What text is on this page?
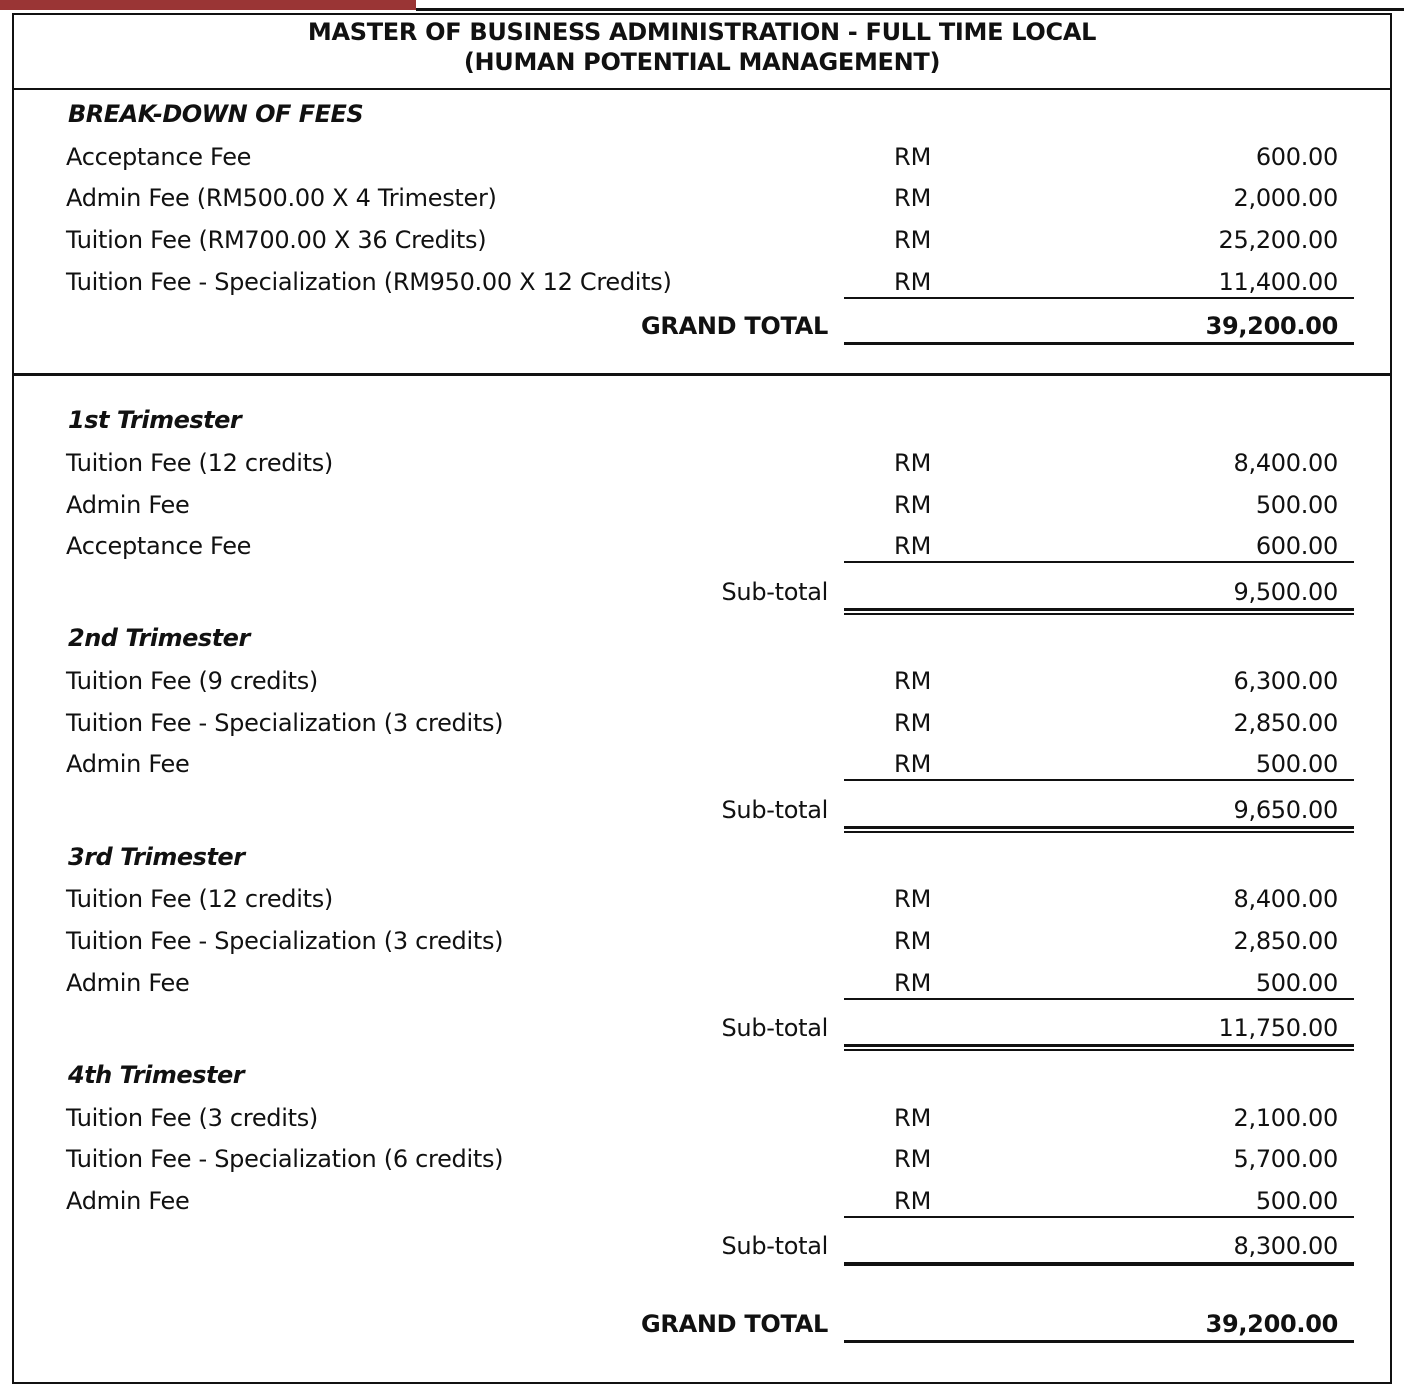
MASTER OF BUSINESS ADMINISTRATION - FULL TIME LOCAL
(HUMAN POTENTIAL MANAGEMENT)
BREAK-DOWN OF FEES
Acceptance Fee	RM	600.00
Admin Fee (RM500.00 X 4 Trimester)	RM	2,000.00
Tuition Fee (RM700.00 X 36 Credits)	RM	25,200.00
Tuition Fee - Specialization (RM950.00 X 12 Credits)	RM	11,400.00
GRAND TOTAL	39,200.00
1st Trimester
Tuition Fee (12 credits)	RM	8,400.00
Admin Fee	RM	500.00
Acceptance Fee	RM	600.00
Sub-total	9,500.00
2nd Trimester
Tuition Fee (9 credits)	RM	6,300.00
Tuition Fee - Specialization (3 credits)	RM	2,850.00
Admin Fee	RM	500.00
Sub-total	9,650.00
3rd Trimester
Tuition Fee (12 credits)	RM	8,400.00
Tuition Fee - Specialization (3 credits)	RM	2,850.00
Admin Fee	RM	500.00
Sub-total	11,750.00
4th Trimester
Tuition Fee (3 credits)	RM	2,100.00
Tuition Fee - Specialization (6 credits)	RM	5,700.00
Admin Fee	RM	500.00
Sub-total	8,300.00
GRAND TOTAL	39,200.00
